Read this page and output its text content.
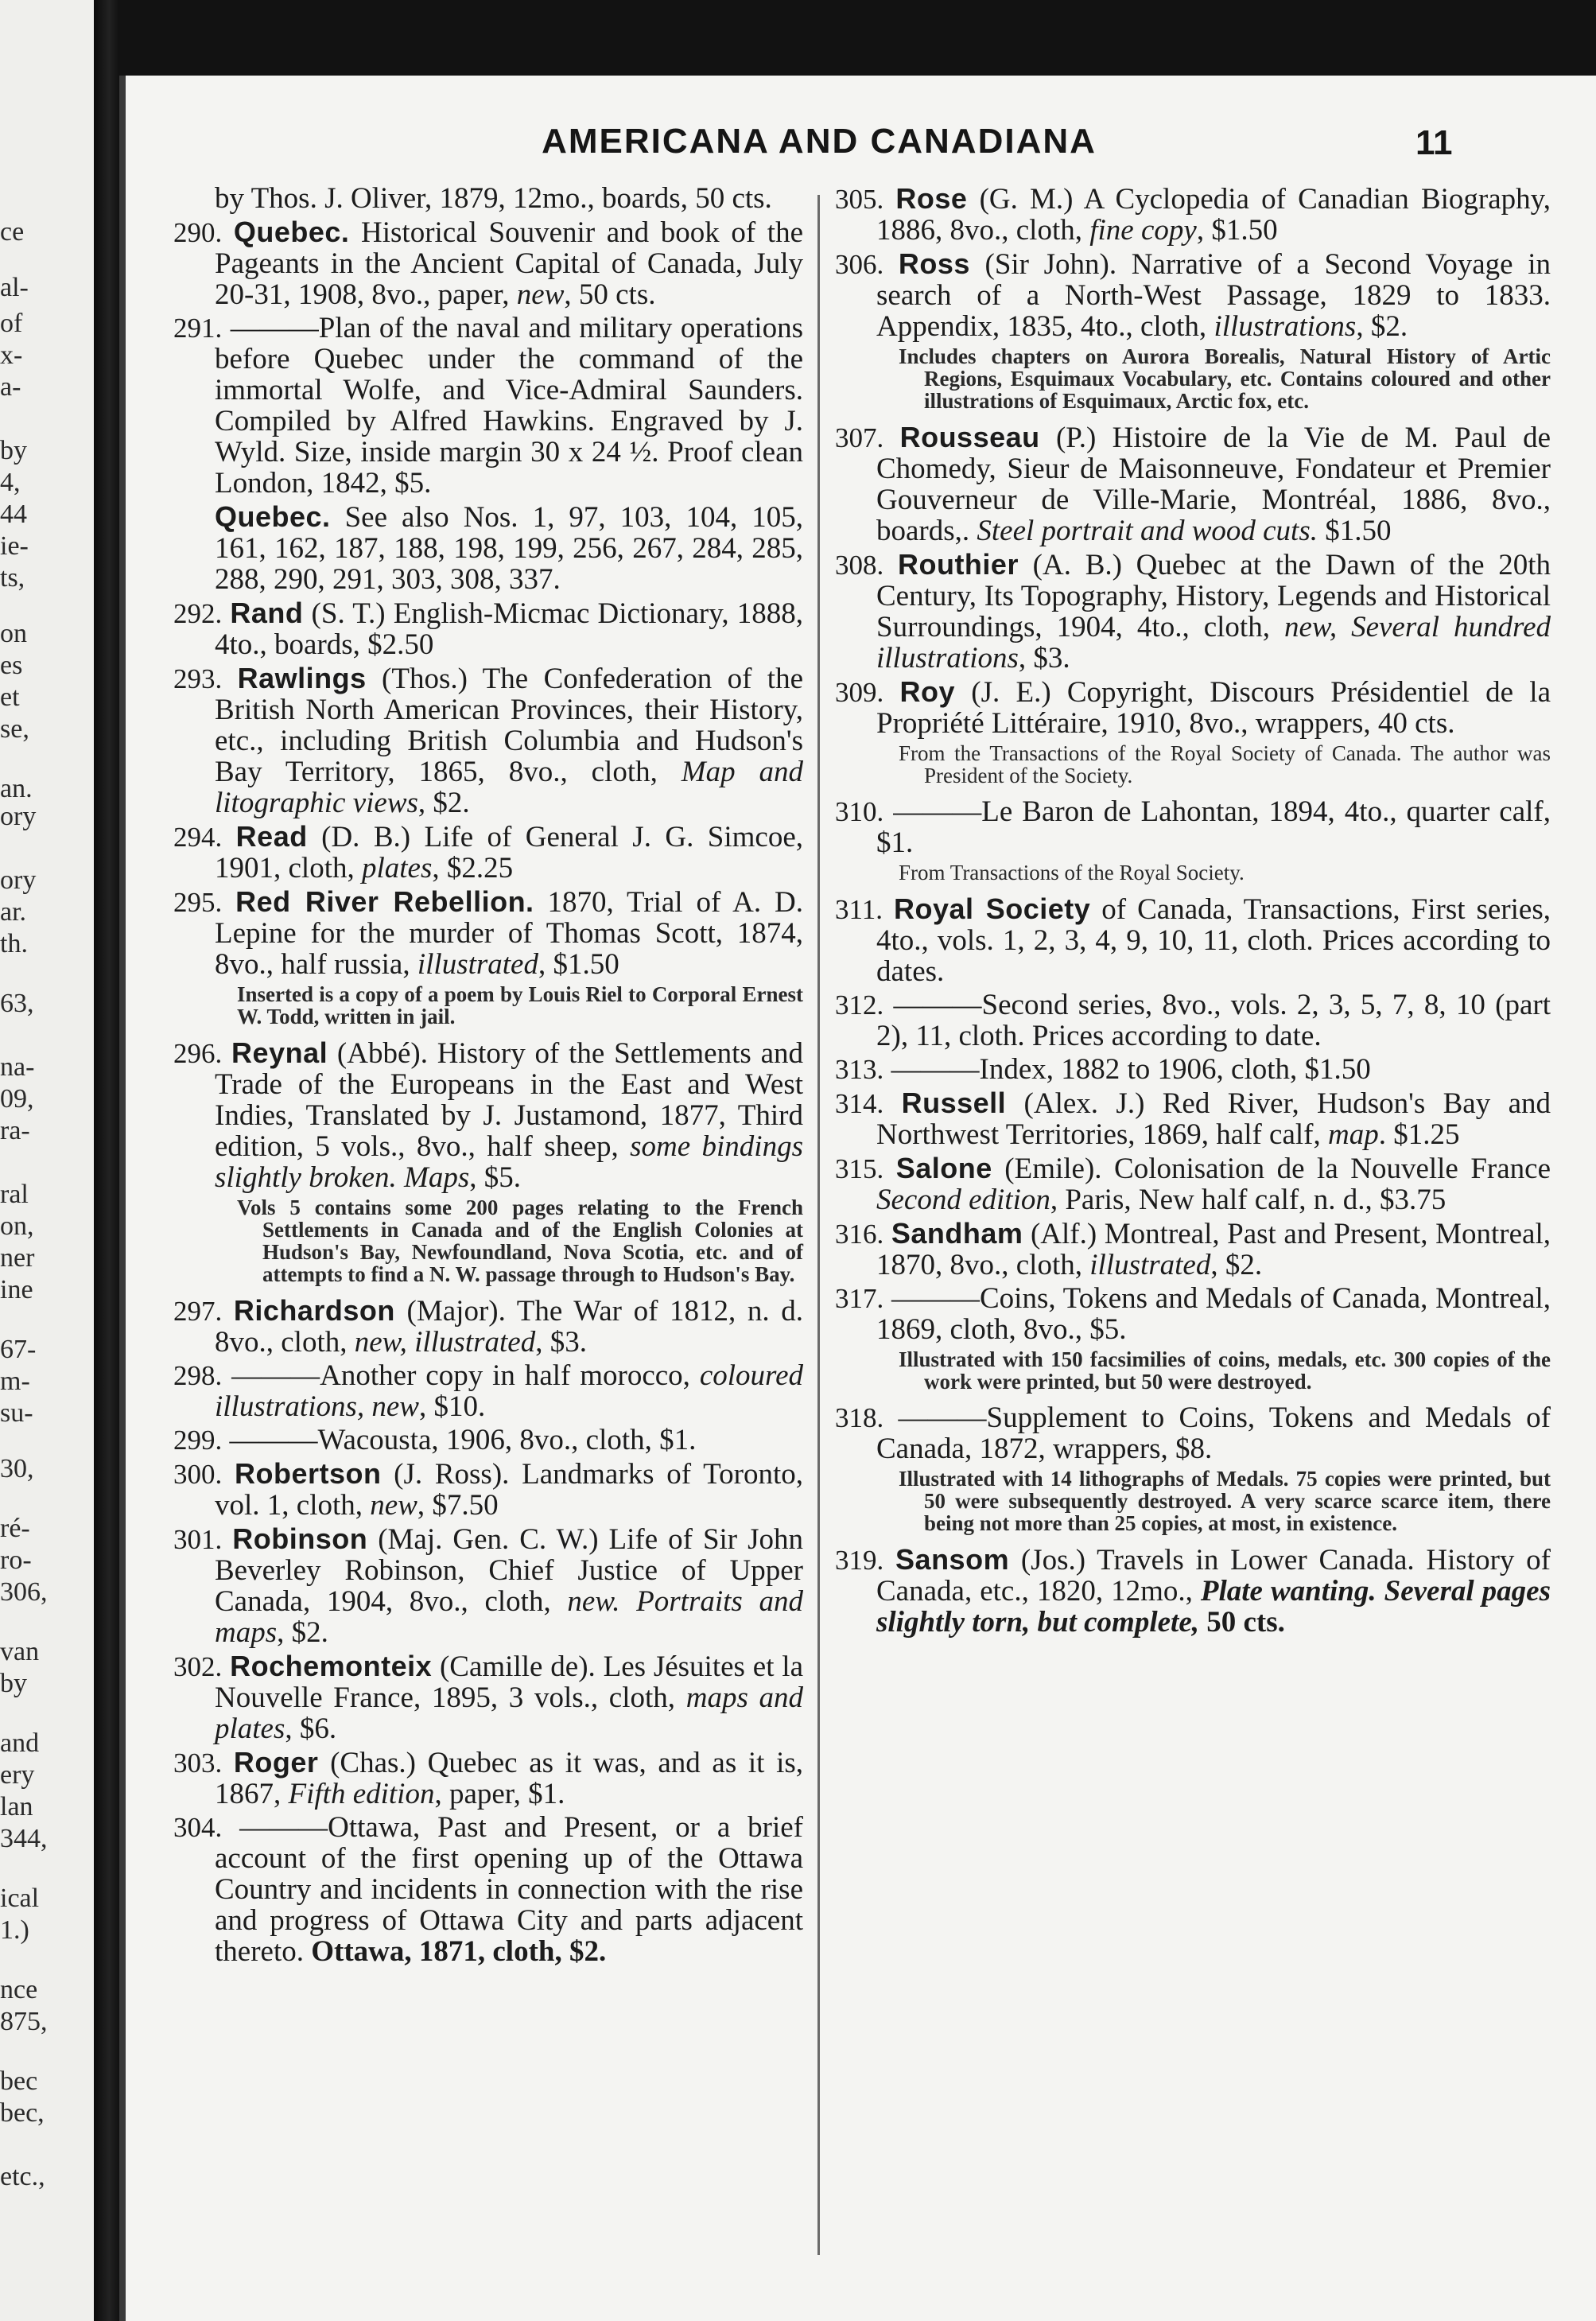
ce
al-
of
x-
a-
by
4,
44
ie-
ts,
on
es
et
se,
an.
ory
ory
ar.
th.
63,
na-
09,
ra-
ral
on,
ner
ine
67-
m-
su-
30,
ré-
ro-
306,
van
by
and
ery
lan
344,
ical
1.)
nce
875,
bec
bec,
etc.,
AMERICANA AND CANADIANA	11

by Thos. J. Oliver, 1879, 12mo., boards, 50 cts.

290. Quebec. Historical Souvenir and book of the Pageants in the Ancient Capital of Canada, July 20-31, 1908, 8vo., paper, new, 50 cts.

291. ———Plan of the naval and military operations before Quebec under the command of the immortal Wolfe, and Vice-Admiral Saunders. Compiled by Alfred Hawkins. Engraved by J. Wyld. Size, inside margin 30 x 24 ½. Proof clean London, 1842, $5.

Quebec. See also Nos. 1, 97, 103, 104, 105, 161, 162, 187, 188, 198, 199, 256, 267, 284, 285, 288, 290, 291, 303, 308, 337.

292. Rand (S. T.) English-Micmac Dictionary, 1888, 4to., boards, $2.50

293. Rawlings (Thos.) The Confederation of the British North American Provinces, their History, etc., including British Columbia and Hudson's Bay Territory, 1865, 8vo., cloth, Map and litographic views, $2.

294. Read (D. B.) Life of General J. G. Simcoe, 1901, cloth, plates, $2.25

295. Red River Rebellion. 1870, Trial of A. D. Lepine for the murder of Thomas Scott, 1874, 8vo., half russia, illustrated, $1.50

Inserted is a copy of a poem by Louis Riel to Corporal Ernest W. Todd, written in jail.

296. Reynal (Abbé). History of the Settlements and Trade of the Europeans in the East and West Indies, Translated by J. Justamond, 1877, Third edition, 5 vols., 8vo., half sheep, some bindings slightly broken. Maps, $5.

Vols 5 contains some 200 pages relating to the French Settlements in Canada and of the English Colonies at Hudson's Bay, Newfoundland, Nova Scotia, etc. and of attempts to find a N. W. passage through to Hudson's Bay.

297. Richardson (Major). The War of 1812, n. d. 8vo., cloth, new, illustrated, $3.

298. ———Another copy in half morocco, coloured illustrations, new, $10.

299. ———Wacousta, 1906, 8vo., cloth, $1.

300. Robertson (J. Ross). Landmarks of Toronto, vol. 1, cloth, new, $7.50

301. Robinson (Maj. Gen. C. W.) Life of Sir John Beverley Robinson, Chief Justice of Upper Canada, 1904, 8vo., cloth, new. Portraits and maps, $2.

302. Rochemonteix (Camille de). Les Jésuites et la Nouvelle France, 1895, 3 vols., cloth, maps and plates, $6.

303. Roger (Chas.) Quebec as it was, and as it is, 1867, Fifth edition, paper, $1.

304. ———Ottawa, Past and Present, or a brief account of the first opening up of the Ottawa Country and incidents in connection with the rise and progress of Ottawa City and parts adjacent thereto. Ottawa, 1871, cloth, $2.

305. Rose (G. M.) A Cyclopedia of Canadian Biography, 1886, 8vo., cloth, fine copy, $1.50

306. Ross (Sir John). Narrative of a Second Voyage in search of a North-West Passage, 1829 to 1833. Appendix, 1835, 4to., cloth, illustrations, $2.

Includes chapters on Aurora Borealis, Natural History of Artic Regions, Esquimaux Vocabulary, etc. Contains coloured and other illustrations of Esquimaux, Arctic fox, etc.

307. Rousseau (P.) Histoire de la Vie de M. Paul de Chomedy, Sieur de Maisonneuve, Fondateur et Premier Gouverneur de Ville-Marie, Montréal, 1886, 8vo., boards,. Steel portrait and wood cuts. $1.50

308. Routhier (A. B.) Quebec at the Dawn of the 20th Century, Its Topography, History, Legends and Historical Surroundings, 1904, 4to., cloth, new, Several hundred illustrations, $3.

309. Roy (J. E.) Copyright, Discours Présidentiel de la Propriété Littéraire, 1910, 8vo., wrappers, 40 cts.

From the Transactions of the Royal Society of Canada. The author was President of the Society.

310. ———Le Baron de Lahontan, 1894, 4to., quarter calf, $1.

From Transactions of the Royal Society.

311. Royal Society of Canada, Transactions, First series, 4to., vols. 1, 2, 3, 4, 9, 10, 11, cloth. Prices according to dates.

312. ———Second series, 8vo., vols. 2, 3, 5, 7, 8, 10 (part 2), 11, cloth. Prices according to date.

313. ———Index, 1882 to 1906, cloth, $1.50

314. Russell (Alex. J.) Red River, Hudson's Bay and Northwest Territories, 1869, half calf, map. $1.25

315. Salone (Emile). Colonisation de la Nouvelle France Second edition, Paris, New half calf, n. d., $3.75

316. Sandham (Alf.) Montreal, Past and Present, Montreal, 1870, 8vo., cloth, illustrated, $2.

317. ———Coins, Tokens and Medals of Canada, Montreal, 1869, cloth, 8vo., $5.

Illustrated with 150 facsimilies of coins, medals, etc. 300 copies of the work were printed, but 50 were destroyed.

318. ———Supplement to Coins, Tokens and Medals of Canada, 1872, wrappers, $8.

Illustrated with 14 lithographs of Medals. 75 copies were printed, but 50 were subsequently destroyed. A very scarce scarce item, there being not more than 25 copies, at most, in existence.

319. Sansom (Jos.) Travels in Lower Canada. History of Canada, etc., 1820, 12mo., Plate wanting. Several pages slightly torn, but complete, 50 cts.
